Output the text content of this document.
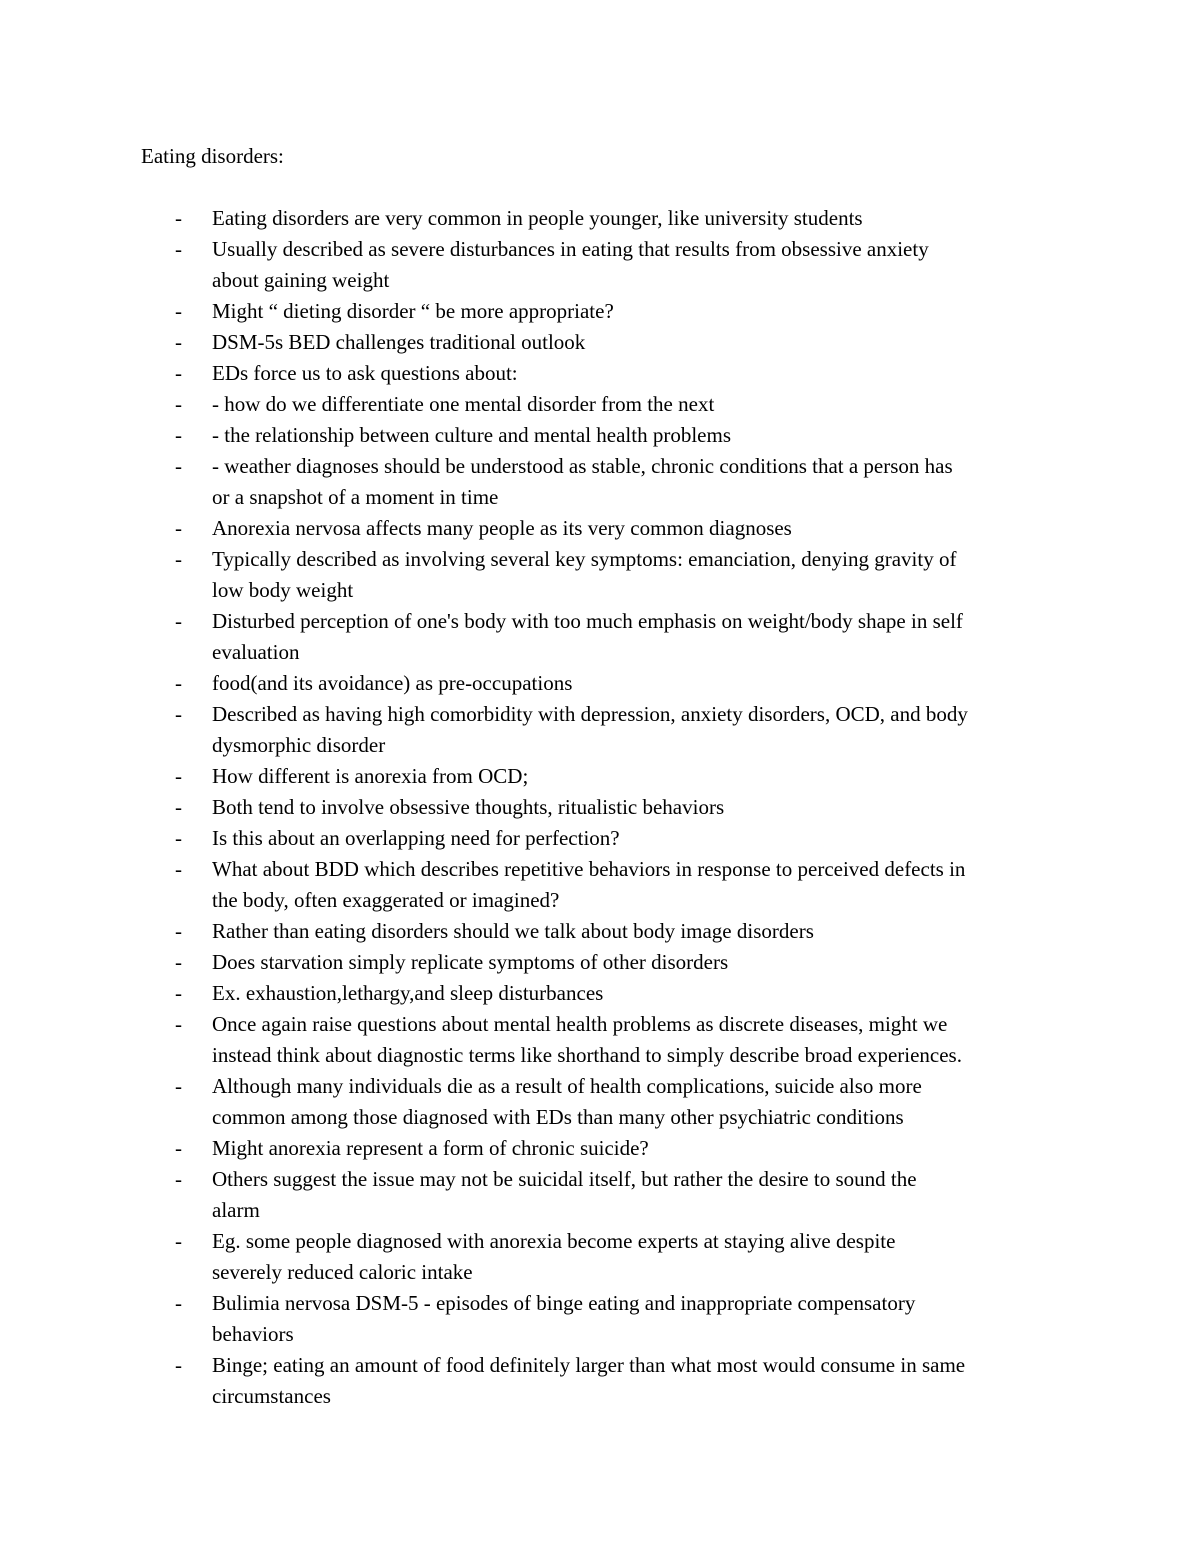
Eating disorders:
- Eating disorders are very common in people younger, like university students
- Usually described as severe disturbances in eating that results from obsessive anxiety
about gaining weight
- Might “ dieting disorder “ be more appropriate?
- DSM-5s BED challenges traditional outlook
- EDs force us to ask questions about:
- - how do we differentiate one mental disorder from the next
- - the relationship between culture and mental health problems
- - weather diagnoses should be understood as stable, chronic conditions that a person has
or a snapshot of a moment in time
- Anorexia nervosa affects many people as its very common diagnoses
- Typically described as involving several key symptoms: emanciation, denying gravity of
low body weight
- Disturbed perception of one's body with too much emphasis on weight/body shape in self
evaluation
- food(and its avoidance) as pre-occupations
- Described as having high comorbidity with depression, anxiety disorders, OCD, and body
dysmorphic disorder
- How different is anorexia from OCD;
- Both tend to involve obsessive thoughts, ritualistic behaviors
- Is this about an overlapping need for perfection?
- What about BDD which describes repetitive behaviors in response to perceived defects in
the body, often exaggerated or imagined?
- Rather than eating disorders should we talk about body image disorders
- Does starvation simply replicate symptoms of other disorders
- Ex. exhaustion,lethargy,and sleep disturbances
- Once again raise questions about mental health problems as discrete diseases, might we
instead think about diagnostic terms like shorthand to simply describe broad experiences.
- Although many individuals die as a result of health complications, suicide also more
common among those diagnosed with EDs than many other psychiatric conditions
- Might anorexia represent a form of chronic suicide?
- Others suggest the issue may not be suicidal itself, but rather the desire to sound the
alarm
- Eg. some people diagnosed with anorexia become experts at staying alive despite
severely reduced caloric intake
- Bulimia nervosa DSM-5 - episodes of binge eating and inappropriate compensatory
behaviors
- Binge; eating an amount of food definitely larger than what most would consume in same
circumstances
